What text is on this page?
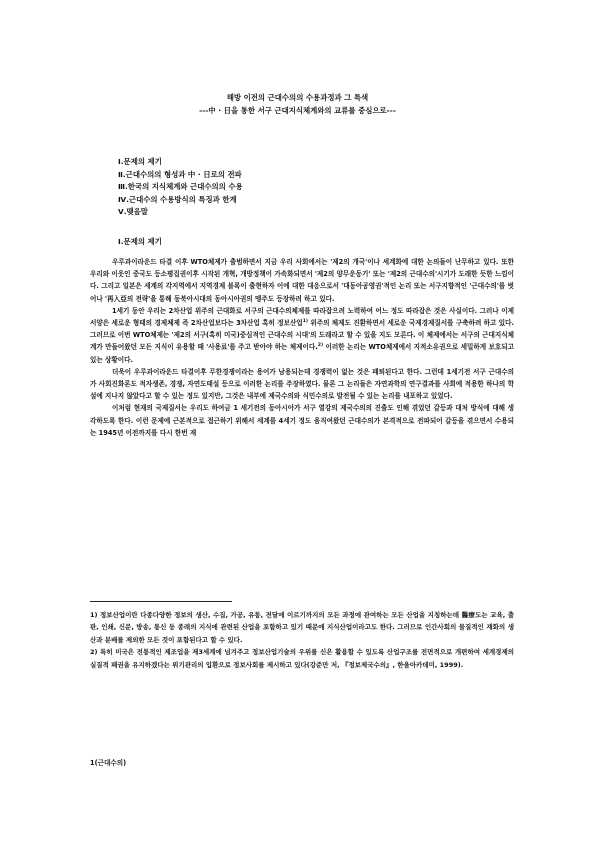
해방 이전의 근대수의의 수용과정과 그 특색
---中 · 日을 통한 서구 근대지식체계와의 교류를 중심으로---
Ⅰ.문제의 제기
Ⅱ.근대수의의 형성과 中 · 日로의 전파
Ⅲ.한국의 지식체계와 근대수의의 수용
Ⅳ.근대수의 수용방식의 특징과 한계
Ⅴ.맺음말
Ⅰ.문제의 제기

우루과이라운드 타결 이후 WTO체제가 출범하면서 지금 우리 사회에서는 '제2의 개국'이나 세계화에 대한 논의들이 난무하고 있다. 또한 우리와 이웃인 중국도 등소평집권이후 시작된 개혁, 개방정책이 가속화되면서 '제2의 양무운동기' 또는 '제2의 근대수의'시기가 도래한 듯한 느낌이다. 그리고 일본은 세계의 각지역에서 지역경제 블록이 출현하자 이에 대한 대응으로서 '대동아공영권'적인 논리 또는 서구지향적인 '근대수의'를 벗어나 '再入亞의 전략'을 통해 동북아시대의 동아시아권의 맹주도 등장하려 하고 있다.

1세기 동안 우리는 2차산업 위주의 근대화로 서구의 근대수의체제를 따라잡으려 노력하여 어느 정도 따라잡은 것은 사실이다. 그러나 이제 서양은 세로운 형태의 경제체제 즉 2차산업보다는 3차산업 혹히 정보산업$^{1)}$ 위주의 체제도 진환하면서 세로운 국제경제질서를 구축하려 하고 있다. 그러므로 이번 WTO체제는 '제2의 서구(혹히 미국)중심적인 근대수의 시대'의 도래라고 할 수 있을 지도 모른다. 이 체제에서는 서구의 근대지식체계가 만들어왔던 모든 지식이 유용할 때 '사용료'를 주고 받아야 하는 체제이다.$^{2)}$ 이러한 논리는 WTO체제에서 지적소유권으로 세밀하게 보호되고 있는 상황이다.

더욱이 우루과이라운드 타결이후 무한경쟁이라는 용어가 남용되는데 경쟁력이 없는 것은 패퇴된다고 한다. 그런데 1세기전 서구 근대수의가 사회진화론도 적자생존, 경쟁, 자연도태설 등으로 이러한 논리를 주장하였다. 물론 그 논리들은 자연과학의 연구결과를 사회에 적용한 하나의 학설에 지나지 않았다고 할 수 있는 정도 있지만, 그것은 내부에 제국수의와 식민수의로 발전될 수 있는 논리를 내포하고 있었다.

이처럼 현재의 국제질서는 우리도 하여금 1 세기전의 동아시아가 서구 열강의 제국수의의 진출도 인해 겪었던 갈등과 대처 방식에 대해 생각하도록 한다. 이런 문제에 근본적으로 접근하기 위해서 세계를 4세기 정도 움직여왔던 근대수의가 본격적으로 전파되어 갈등을 겪으면서 수용되는 1945년 이전까지를 다시 한번 재

1) 정보산업이란 다종다양한 정보의 생산, 수집, 가공, 유통, 전달에 이르기까지의 모든 과정에 관여하는 모든 산업을 지칭하는데 醫療도는 교육, 출판, 인쇄, 신문, 방송, 통신 등 종래의 지식에 관련된 산업을 포함하고 있기 때문에 지식산업이라고도 한다. 그러므로 인간사회의 물질적인 재화의 생산과 분배를 제외한 모든 것이 포함된다고 할 수 있다.

2) 특히 미국은 전통적인 제조업을 제3세계에 넘겨주고 정보산업기술의 우위를 신은 활용할 수 있도록 산업구조를 전면적으로 개편하여 세계경제의 실질적 패권을 유지하겠다는 위기관리의 입환으로 정보사회를 제시하고 있다(강준만 저, 『정보제국수의』, 한울아카데미, 1999).

1(근대수의)
